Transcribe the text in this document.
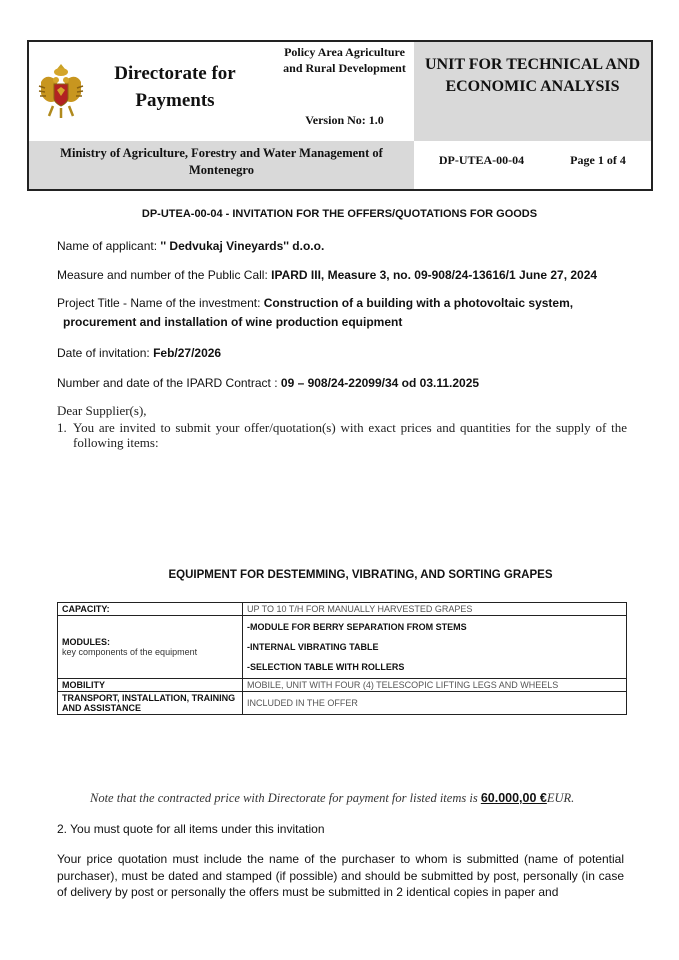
Directorate for Payments
Policy Area Agriculture and Rural Development
Version No: 1.0
UNIT FOR TECHNICAL AND ECONOMIC ANALYSIS
Ministry of Agriculture, Forestry and Water Management of Montenegro
DP-UTEA-00-04	Page 1 of 4
DP-UTEA-00-04 - INVITATION FOR THE OFFERS/QUOTATIONS FOR GOODS
Name of applicant: '' Dedvukaj Vineyards'' d.o.o.
Measure and number of the Public Call: IPARD III, Measure 3, no. 09-908/24-13616/1 June 27, 2024
Project Title - Name of the investment: Construction of a building with a photovoltaic system,
procurement and installation of wine production equipment
Date of invitation: Feb/27/2026
Number and date of the IPARD Contract : 09 – 908/24-22099/34 od 03.11.2025
Dear Supplier(s),
1. You are invited to submit your offer/quotation(s) with exact prices and quantities for the supply of the following items:
EQUIPMENT FOR DESTEMMING, VIBRATING, AND SORTING GRAPES
CAPACITY:	UP TO 10 T/H FOR MANUALLY HARVESTED GRAPES
MODULES:
key components of the equipment	-MODULE FOR BERRY SEPARATION FROM STEMS
-INTERNAL VIBRATING TABLE
-SELECTION TABLE WITH ROLLERS

MOBILITY	MOBILE, UNIT WITH FOUR (4) TELESCOPIC LIFTING LEGS AND WHEELS
TRANSPORT, INSTALLATION, TRAINING AND ASSISTANCE	INCLUDED IN THE OFFER
Note that the contracted price with Directorate for payment for listed items is 60.000,00 €EUR.
2. You must quote for all items under this invitation
Your price quotation must include the name of the purchaser to whom is submitted (name of potential purchaser), must be dated and stamped (if possible) and should be submitted by post, personally (in case of delivery by post or personally the offers must be submitted in 2 identical copies in paper and
